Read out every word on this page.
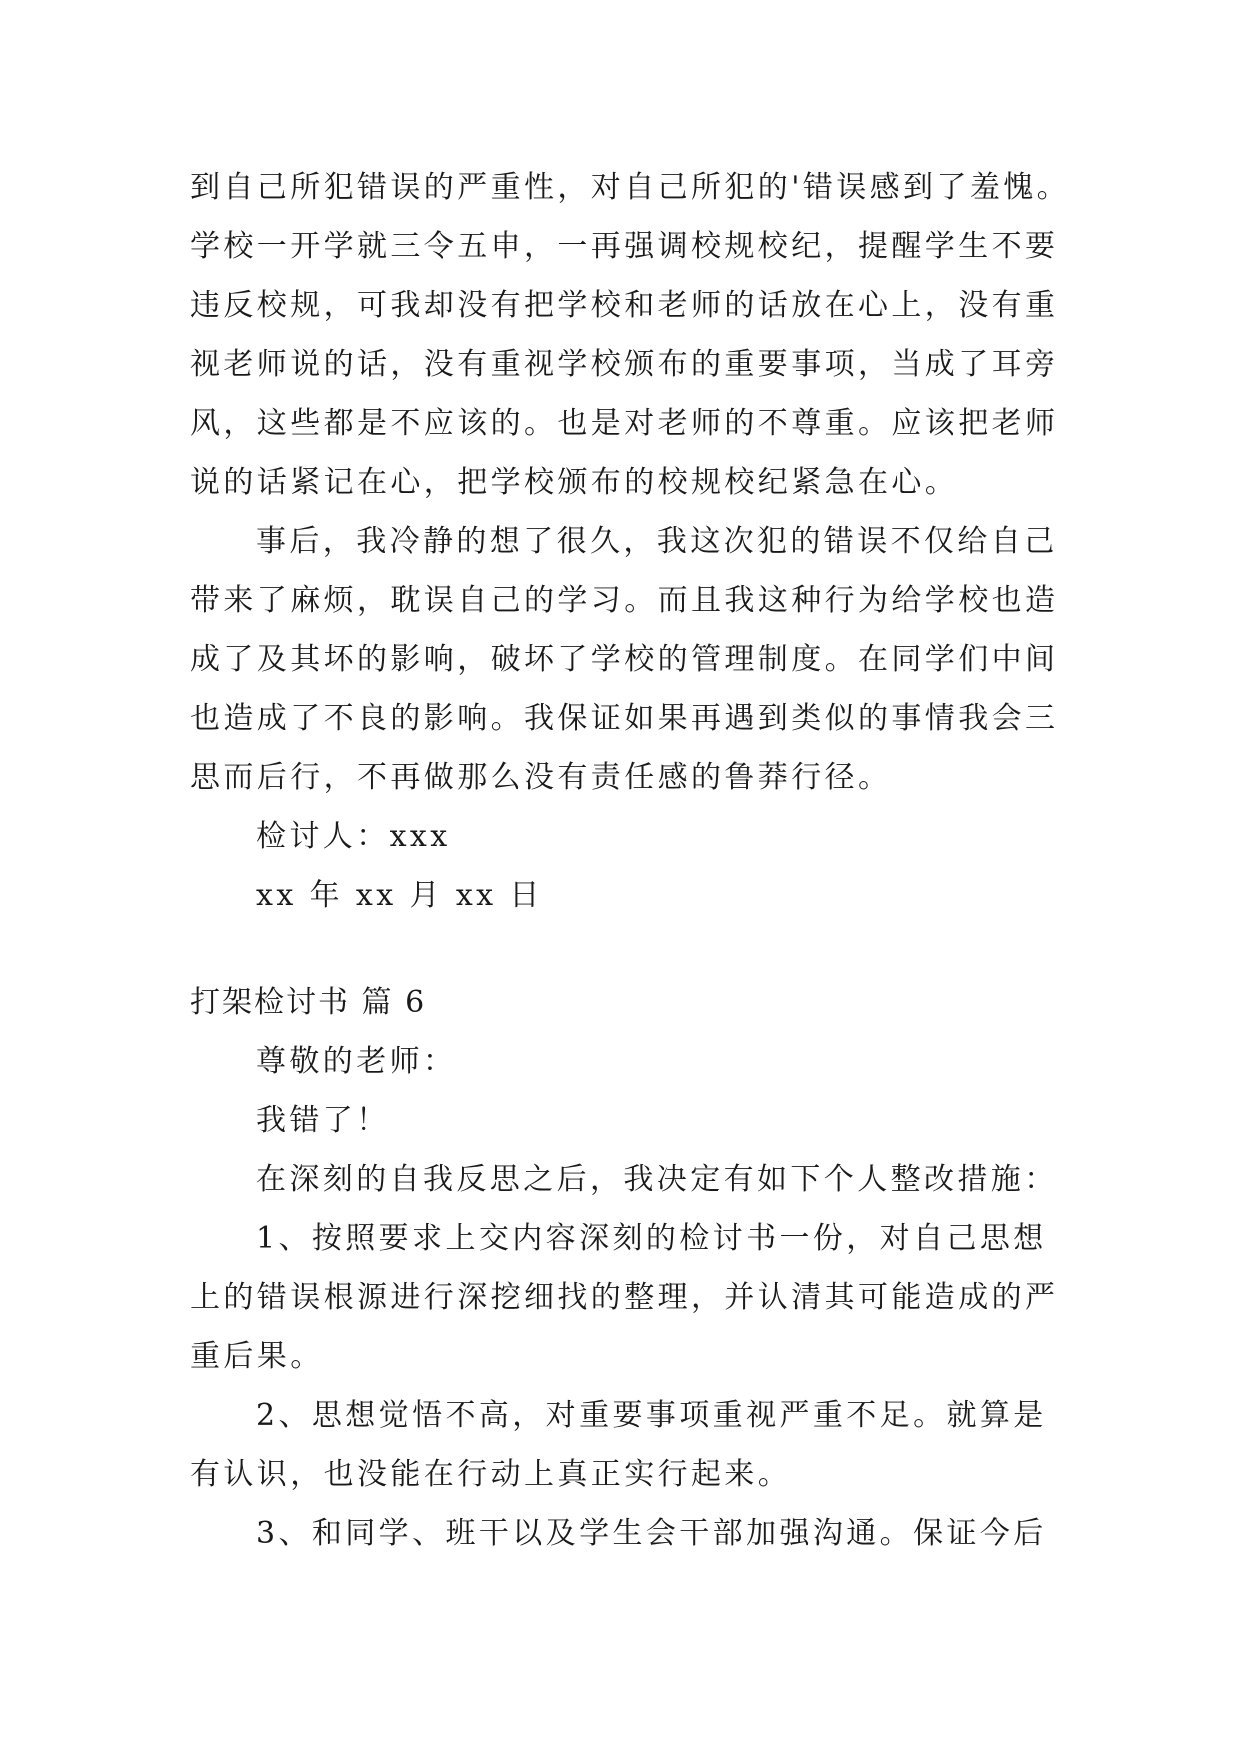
到自己所犯错误的严重性，对自己所犯的'错误感到了羞愧。
学校一开学就三令五申，一再强调校规校纪，提醒学生不要
违反校规，可我却没有把学校和老师的话放在心上，没有重
视老师说的话，没有重视学校颁布的重要事项，当成了耳旁
风，这些都是不应该的。也是对老师的不尊重。应该把老师
说的话紧记在心，把学校颁布的校规校纪紧急在心。
事后，我冷静的想了很久，我这次犯的错误不仅给自己
带来了麻烦，耽误自己的学习。而且我这种行为给学校也造
成了及其坏的影响，破坏了学校的管理制度。在同学们中间
也造成了不良的影响。我保证如果再遇到类似的事情我会三
思而后行，不再做那么没有责任感的鲁莽行径。
检讨人：xxx
xx 年 xx 月 xx 日
打架检讨书 篇 6
尊敬的老师：
我错了！
在深刻的自我反思之后，我决定有如下个人整改措施：
1、按照要求上交内容深刻的检讨书一份，对自己思想
上的错误根源进行深挖细找的整理，并认清其可能造成的严
重后果。
2、思想觉悟不高，对重要事项重视严重不足。就算是
有认识，也没能在行动上真正实行起来。
3、和同学、班干以及学生会干部加强沟通。保证今后
